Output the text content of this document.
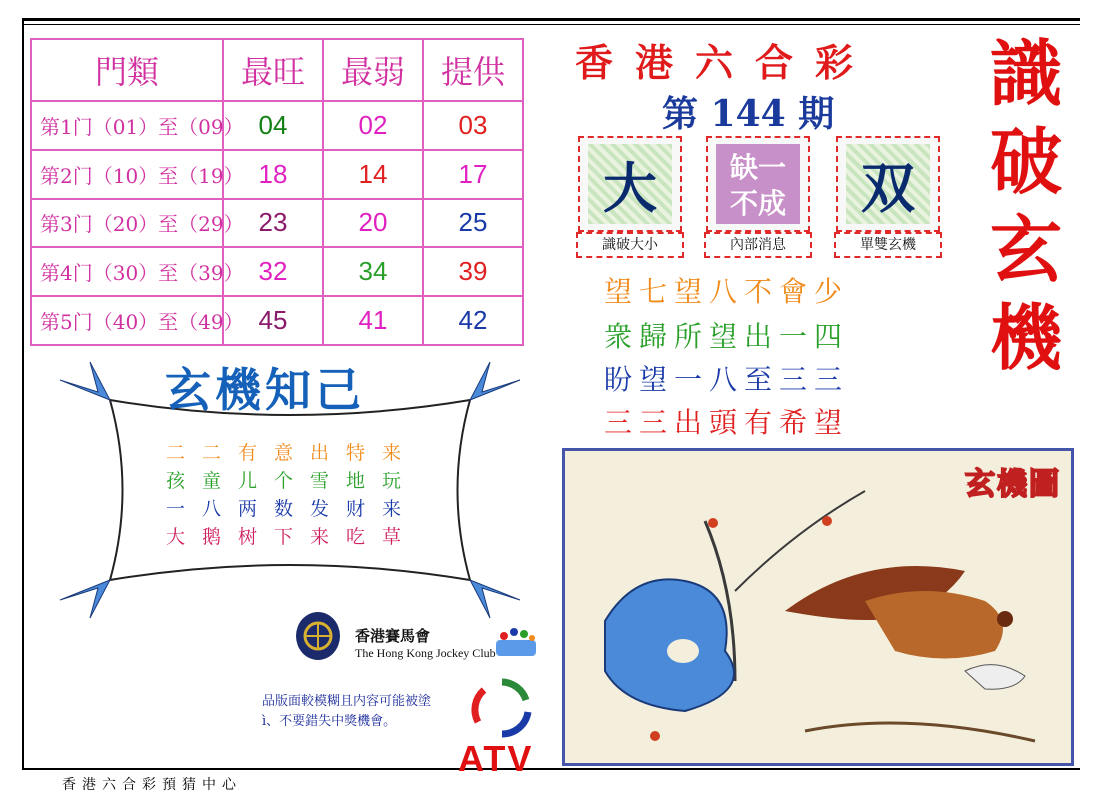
門類	最旺	最弱	提供
第1门（01）至（09）	04	02	03
第2门（10）至（19）	18	14	17
第3门（20）至（29）	23	20	25
第4门（30）至（39）	32	34	39
第5门（40）至（49）	45	41	42
香港六合彩
第 144 期 識
破
玄
機
大
識破大小
缺一
不成
內部消息
双
單雙玄機
望七望八不會少
衆歸所望出一四
盼望一八至三三
三三出頭有希望
玄機知己
二二有意出特来
孩童儿个雪地玩
一八两数发财来
大鹅树下来吃草
香港賽馬會
The Hong Kong Jockey Club
品版面較模糊且内容可能被塗
ì、不要錯失中獎機會。
ATV
玄機圖
香港六合彩預猜中心
